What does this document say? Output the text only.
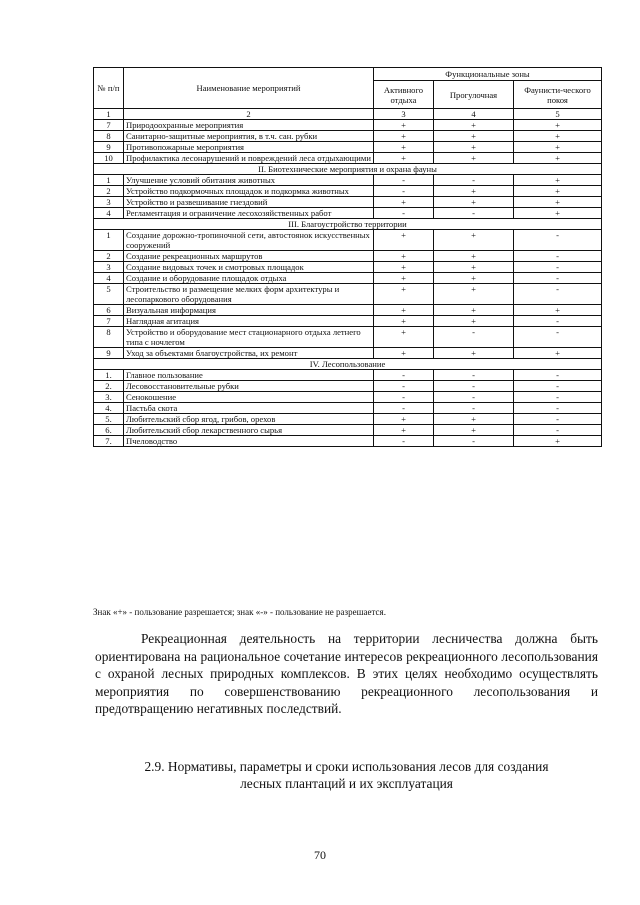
№ п/п	Наименование мероприятий	Функциональные зоны		
		Активного отдыха	Прогулочная	Фаунисти-ческого покоя
1	2	3	4	5
7	Природоохранные мероприятия	+	+	+
8	Санитарно-защитные мероприятия, в т.ч. сан. рубки	+	+	+
9	Противопожарные мероприятия	+	+	+
10	Профилактика лесонарушений и повреждений леса отдыхающими	+	+	+
II. Биотехнические мероприятия и охрана фауны				
1	Улучшение условий обитания животных	-	-	+
2	Устройство подкормочных площадок и подкормка животных	-	+	+
3	Устройство и развешивание гнездовий	+	+	+
4	Регламентация и ограничение лесохозяйственных работ	-	-	+
III. Благоустройство территории				
1	Создание дорожно-тропиночной сети, автостоянок искусственных сооружений	+	+	-
2	Создание рекреационных маршрутов	+	+	-
3	Создание видовых точек и смотровых площадок	+	+	-
4	Создание и оборудование площадок отдыха	+	+	-
5	Строительство и размещение мелких форм архитектуры и лесопаркового оборудования	+	+	-
6	Визуальная информация	+	+	+
7	Наглядная агитация	+	+	-
8	Устройство и оборудование мест стационарного отдыха летнего типа с ночлегом	+	-	-
9	Уход за объектами благоустройства, их ремонт	+	+	+
IV. Лесопользование				
1.	Главное пользование	-	-	-
2.	Лесовосстановительные рубки	-	-	-
3.	Сенокошение	-	-	-
4.	Пастьба скота	-	-	-
5.	Любительский сбор ягод, грибов, орехов	+	+	-
6.	Любительский сбор лекарственного сырья	+	+	-
7.	Пчеловодство	-	-	+
Знак «+» - пользование разрешается; знак «-» - пользование не разрешается.
Рекреационная деятельность на территории лесничества должна быть ориентирована на рациональное сочетание интересов рекреационного лесопользования с охраной лесных природных комплексов. В этих целях необходимо осуществлять мероприятия по совершенствованию рекреационного лесопользования и предотвращению негативных последствий.
2.9. Нормативы, параметры и сроки использования лесов для создания
лесных плантаций и их эксплуатация
70
